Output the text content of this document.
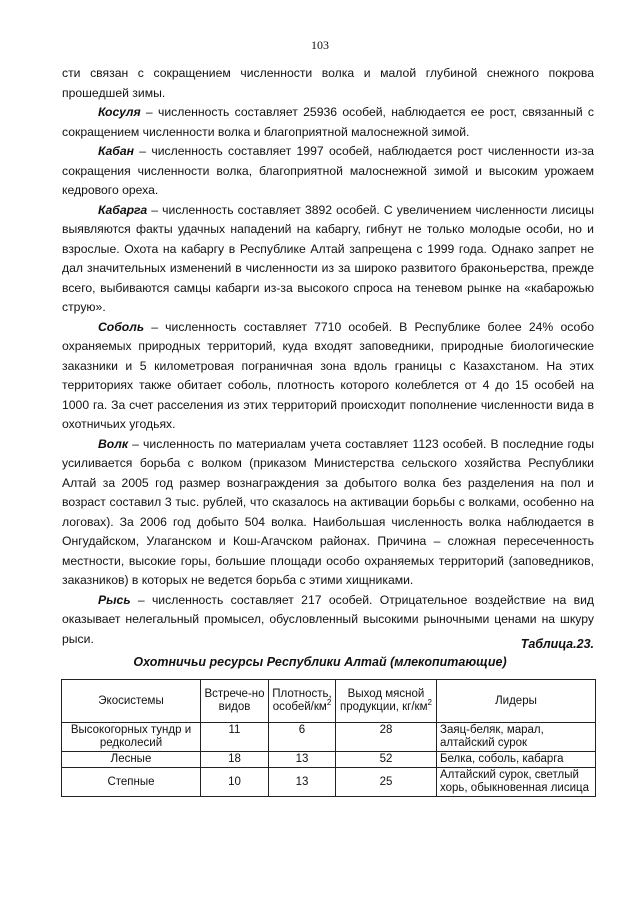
103

сти связан с сокращением численности волка и малой глубиной снежного покрова прошедшей зимы.

Косуля – численность составляет 25936 особей, наблюдается ее рост, связанный с сокращением численности волка и благоприятной малоснежной зимой.

Кабан – численность составляет 1997 особей, наблюдается рост численности из-за сокращения численности волка, благоприятной малоснежной зимой и высоким урожаем кедрового ореха.

Кабарга – численность составляет 3892 особей. С увеличением численности лисицы выявляются факты удачных нападений на кабаргу, гибнут не только молодые особи, но и взрослые. Охота на кабаргу в Республике Алтай запрещена с 1999 года. Однако запрет не дал значительных изменений в численности из за широко развитого браконьерства, прежде всего, выбиваются самцы кабарги из-за высокого спроса на теневом рынке на «кабарожью струю».

Соболь – численность составляет 7710 особей. В Республике более 24% особо охраняемых природных территорий, куда входят заповедники, природные биологические заказники и 5 километровая пограничная зона вдоль границы с Казахстаном. На этих территориях также обитает соболь, плотность которого колеблется от 4 до 15 особей на 1000 га. За счет расселения из этих территорий происходит пополнение численности вида в охотничьих угодьях.

Волк – численность по материалам учета составляет 1123 особей. В последние годы усиливается борьба с волком (приказом Министерства сельского хозяйства Республики Алтай за 2005 год размер вознаграждения за добытого волка без разделения на пол и возраст составил 3 тыс. рублей, что сказалось на активации борьбы с волками, особенно на логовах). За 2006 год добыто 504 волка. Наибольшая численность волка наблюдается в Онгудайском, Улаганском и Кош-Агачском районах. Причина – сложная пересеченность местности, высокие горы, большие площади особо охраняемых территорий (заповедников, заказников) в которых не ведется борьба с этими хищниками.

Рысь – численность составляет 217 особей. Отрицательное воздействие на вид оказывает нелегальный промысел, обусловленный высокими рыночными ценами на шкуру рыси.	Таблица.23.
Охотничьи ресурсы Республики Алтай (млекопитающие)
Экосистемы	Встрече-но видов	Плотность, особей/$км^2$	Выход мясной продукции, $кг/км^2$	Лидеры
Высокогорных тундр и редколесий	11	6	28	Заяц-беляк, марал, алтайский сурок
Лесные	18	13	52	Белка, соболь, кабарга
Степные	10	13	25	Алтайский сурок, светлый хорь, обыкновенная лисица
